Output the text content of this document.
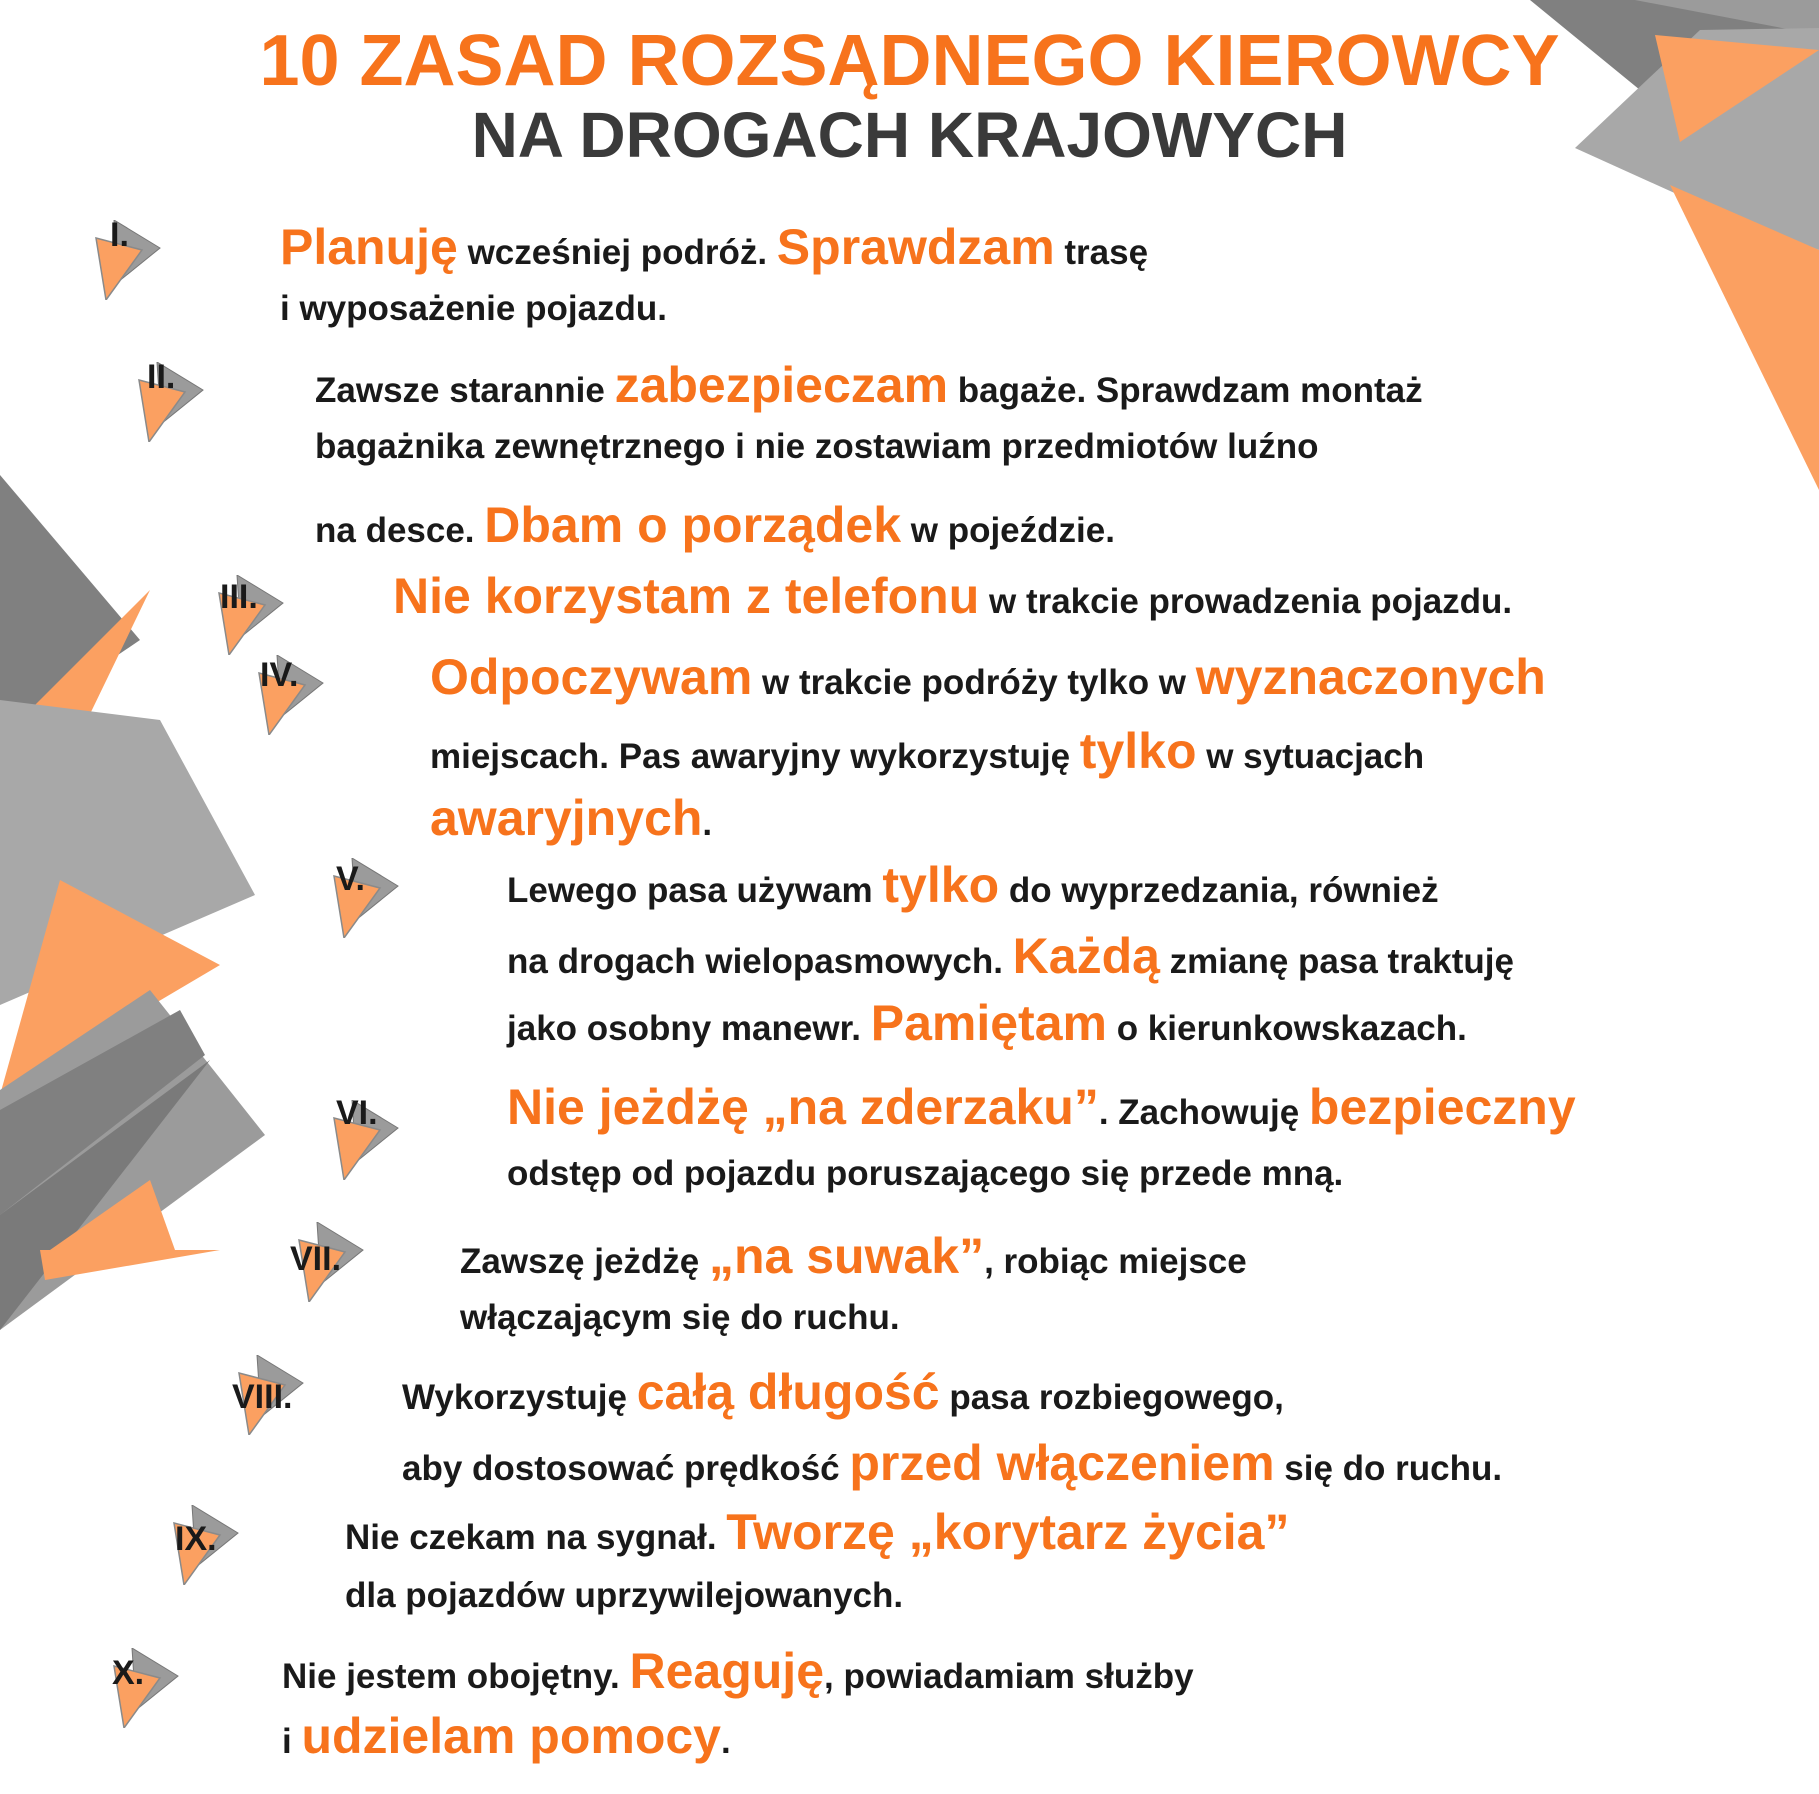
10 ZASAD ROZSĄDNEGO KIEROWCY
NA DROGACH KRAJOWYCH
I.	Planuję wcześniej podróż. Sprawdzam trasę
i wyposażenie pojazdu.
II.	Zawsze starannie zabezpieczam bagaże. Sprawdzam montaż
bagażnika zewnętrznego i nie zostawiam przedmiotów luźno
na desce. Dbam o porządek w pojeździe.
III.	Nie korzystam z telefonu w trakcie prowadzenia pojazdu.
IV.	Odpoczywam w trakcie podróży tylko w wyznaczonych
miejscach. Pas awaryjny wykorzystuję tylko w sytuacjach
awaryjnych.
V.	Lewego pasa używam tylko do wyprzedzania, również
na drogach wielopasmowych. Każdą zmianę pasa traktuję
jako osobny manewr. Pamiętam o kierunkowskazach.
VI.	Nie jeżdżę „na zderzaku”. Zachowuję bezpieczny
odstęp od pojazdu poruszającego się przede mną.
VII.	Zawszę jeżdżę „na suwak”, robiąc miejsce
włączającym się do ruchu.
VIII.	Wykorzystuję całą długość pasa rozbiegowego,
aby dostosować prędkość przed włączeniem się do ruchu.
IX.	Nie czekam na sygnał. Tworzę „korytarz życia”
dla pojazdów uprzywilejowanych.
X.	Nie jestem obojętny. Reaguję, powiadamiam służby
i udzielam pomocy.
